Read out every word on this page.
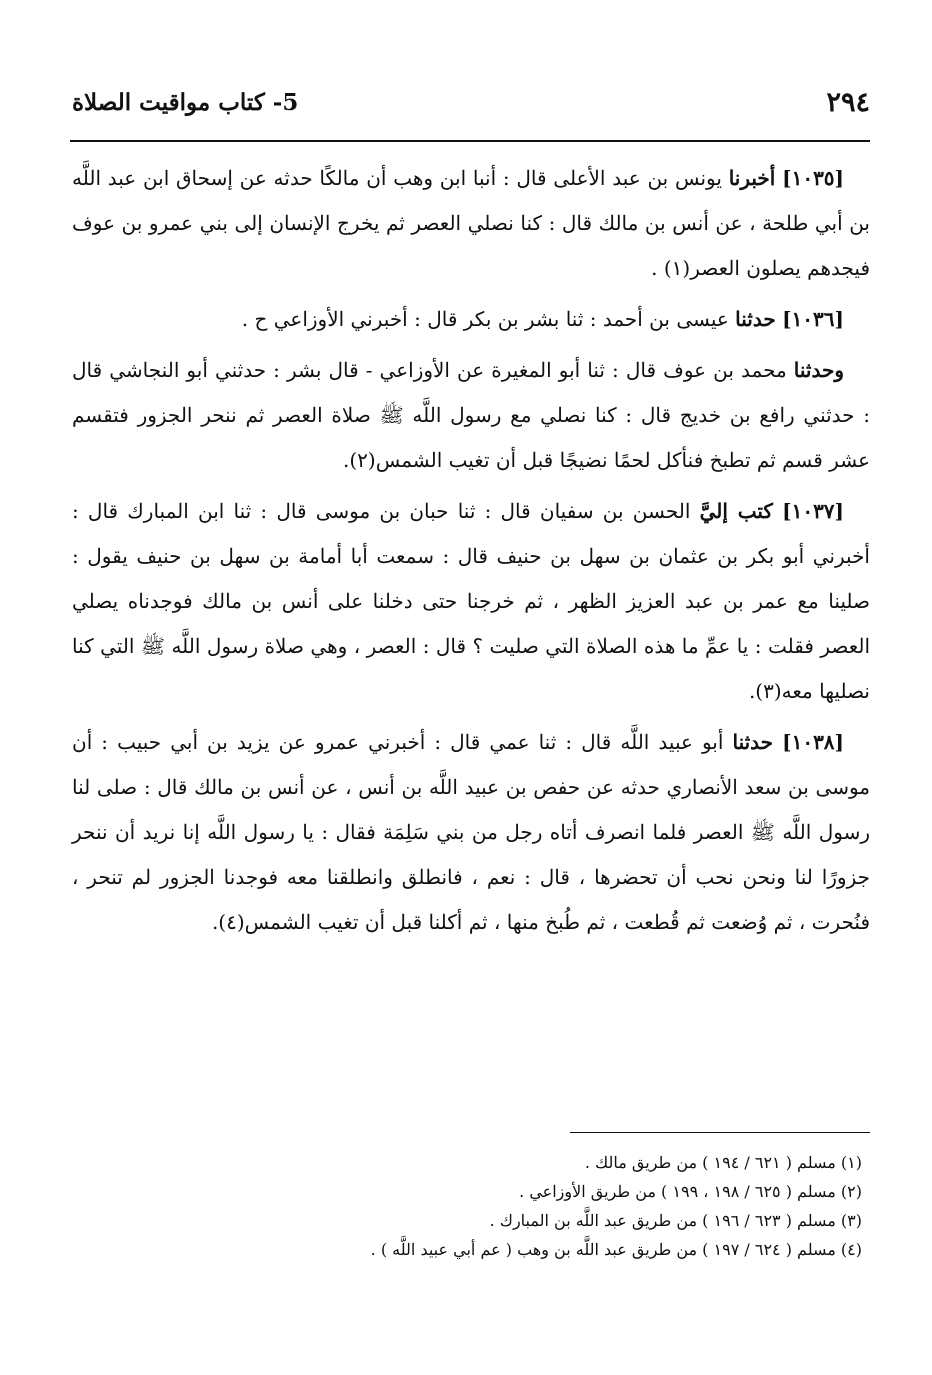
٢٩٤
5- كتاب مواقيت الصلاة

[١٠٣٥] أخبرنا يونس بن عبد الأعلى قال : أنبا ابن وهب أن مالكًا حدثه عن إسحاق ابن عبد اللَّه بن أبي طلحة ، عن أنس بن مالك قال : كنا نصلي العصر ثم يخرج الإنسان إلى بني عمرو بن عوف فيجدهم يصلون العصر(١) .

[١٠٣٦] حدثنا عيسى بن أحمد : ثنا بشر بن بكر قال : أخبرني الأوزاعي ح .

وحدثنا محمد بن عوف قال : ثنا أبو المغيرة عن الأوزاعي - قال بشر : حدثني أبو النجاشي قال : حدثني رافع بن خديج قال : كنا نصلي مع رسول اللَّه ﷺ صلاة العصر ثم ننحر الجزور فتقسم عشر قسم ثم تطبخ فنأكل لحمًا نضيجًا قبل أن تغيب الشمس(٢).

[١٠٣٧] كتب إليَّ الحسن بن سفيان قال : ثنا حبان بن موسى قال : ثنا ابن المبارك قال : أخبرني أبو بكر بن عثمان بن سهل بن حنيف قال : سمعت أبا أمامة بن سهل بن حنيف يقول : صلينا مع عمر بن عبد العزيز الظهر ، ثم خرجنا حتى دخلنا على أنس بن مالك فوجدناه يصلي العصر فقلت : يا عمِّ ما هذه الصلاة التي صليت ؟ قال : العصر ، وهي صلاة رسول اللَّه ﷺ التي كنا نصليها معه(٣).

[١٠٣٨] حدثنا أبو عبيد اللَّه قال : ثنا عمي قال : أخبرني عمرو عن يزيد بن أبي حبيب : أن موسى بن سعد الأنصاري حدثه عن حفص بن عبيد اللَّه بن أنس ، عن أنس بن مالك قال : صلى لنا رسول اللَّه ﷺ العصر فلما انصرف أتاه رجل من بني سَلِمَة فقال : يا رسول اللَّه إنا نريد أن ننحر جزورًا لنا ونحن نحب أن تحضرها ، قال : نعم ، فانطلق وانطلقنا معه فوجدنا الجزور لم تنحر ، فنُحرت ، ثم وُضعت ثم قُطعت ، ثم طُبخ منها ، ثم أكلنا قبل أن تغيب الشمس(٤).

(١) مسلم ( ٦٢١ / ١٩٤ ) من طريق مالك .

(٢) مسلم ( ٦٢٥ / ١٩٨ ، ١٩٩ ) من طريق الأوزاعي .

(٣) مسلم ( ٦٢٣ / ١٩٦ ) من طريق عبد اللَّه بن المبارك .

(٤) مسلم ( ٦٢٤ / ١٩٧ ) من طريق عبد اللَّه بن وهب ( عم أبي عبيد اللَّه ) .
